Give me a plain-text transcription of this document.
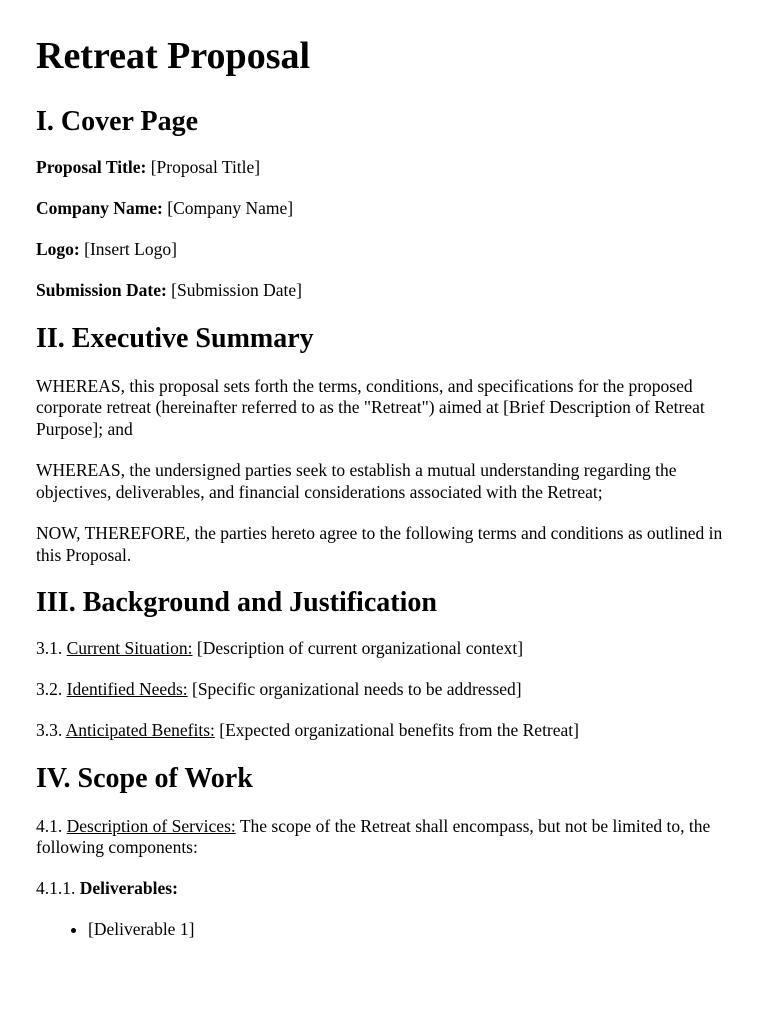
Retreat Proposal
I. Cover Page

Proposal Title: [Proposal Title]

Company Name: [Company Name]

Logo: [Insert Logo]

Submission Date: [Submission Date]

II. Executive Summary

WHEREAS, this proposal sets forth the terms, conditions, and specifications for the proposed corporate retreat (hereinafter referred to as the "Retreat") aimed at [Brief Description of Retreat Purpose]; and

WHEREAS, the undersigned parties seek to establish a mutual understanding regarding the objectives, deliverables, and financial considerations associated with the Retreat;

NOW, THEREFORE, the parties hereto agree to the following terms and conditions as outlined in this Proposal.

III. Background and Justification

3.1. Current Situation: [Description of current organizational context]

3.2. Identified Needs: [Specific organizational needs to be addressed]

3.3. Anticipated Benefits: [Expected organizational benefits from the Retreat]

IV. Scope of Work

4.1. Description of Services: The scope of the Retreat shall encompass, but not be limited to, the following components:

4.1.1. Deliverables:

• [Deliverable 1]
